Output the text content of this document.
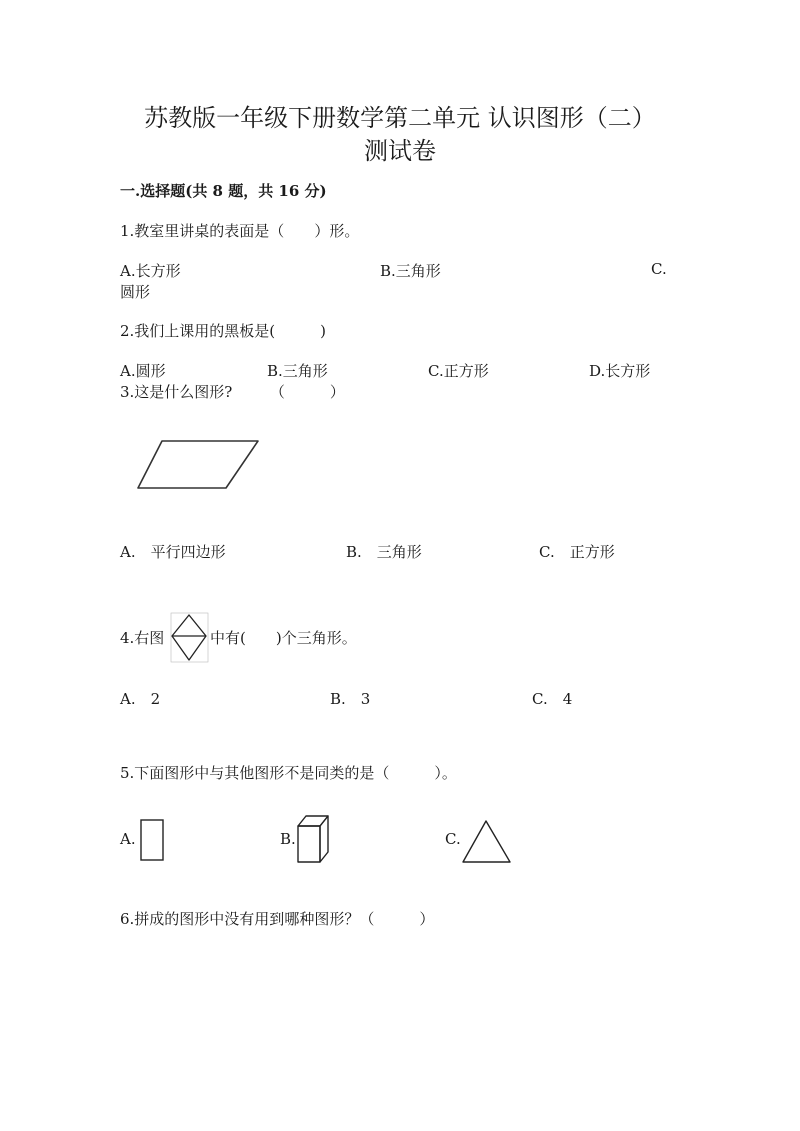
苏教版一年级下册数学第二单元 认识图形（二）
测试卷
一.选择题(共 8 题，共 16 分)
1.教室里讲桌的表面是（　　）形。
A.长方形	B.三角形	C.
圆形
2.我们上课用的黑板是(　　　)
A.圆形	B.三角形	C.正方形	D.长方形
3.这是什么图形?　　　（　　　）
A.　平行四边形	B.　三角形	C.　正方形
4.右图	中有(　　)个三角形。
A.　2	B.　3	C.　4
5.下面图形中与其他图形不是同类的是（　　　）。
A.	B.	C.
6.拼成的图形中没有用到哪种图形？（　　　）
